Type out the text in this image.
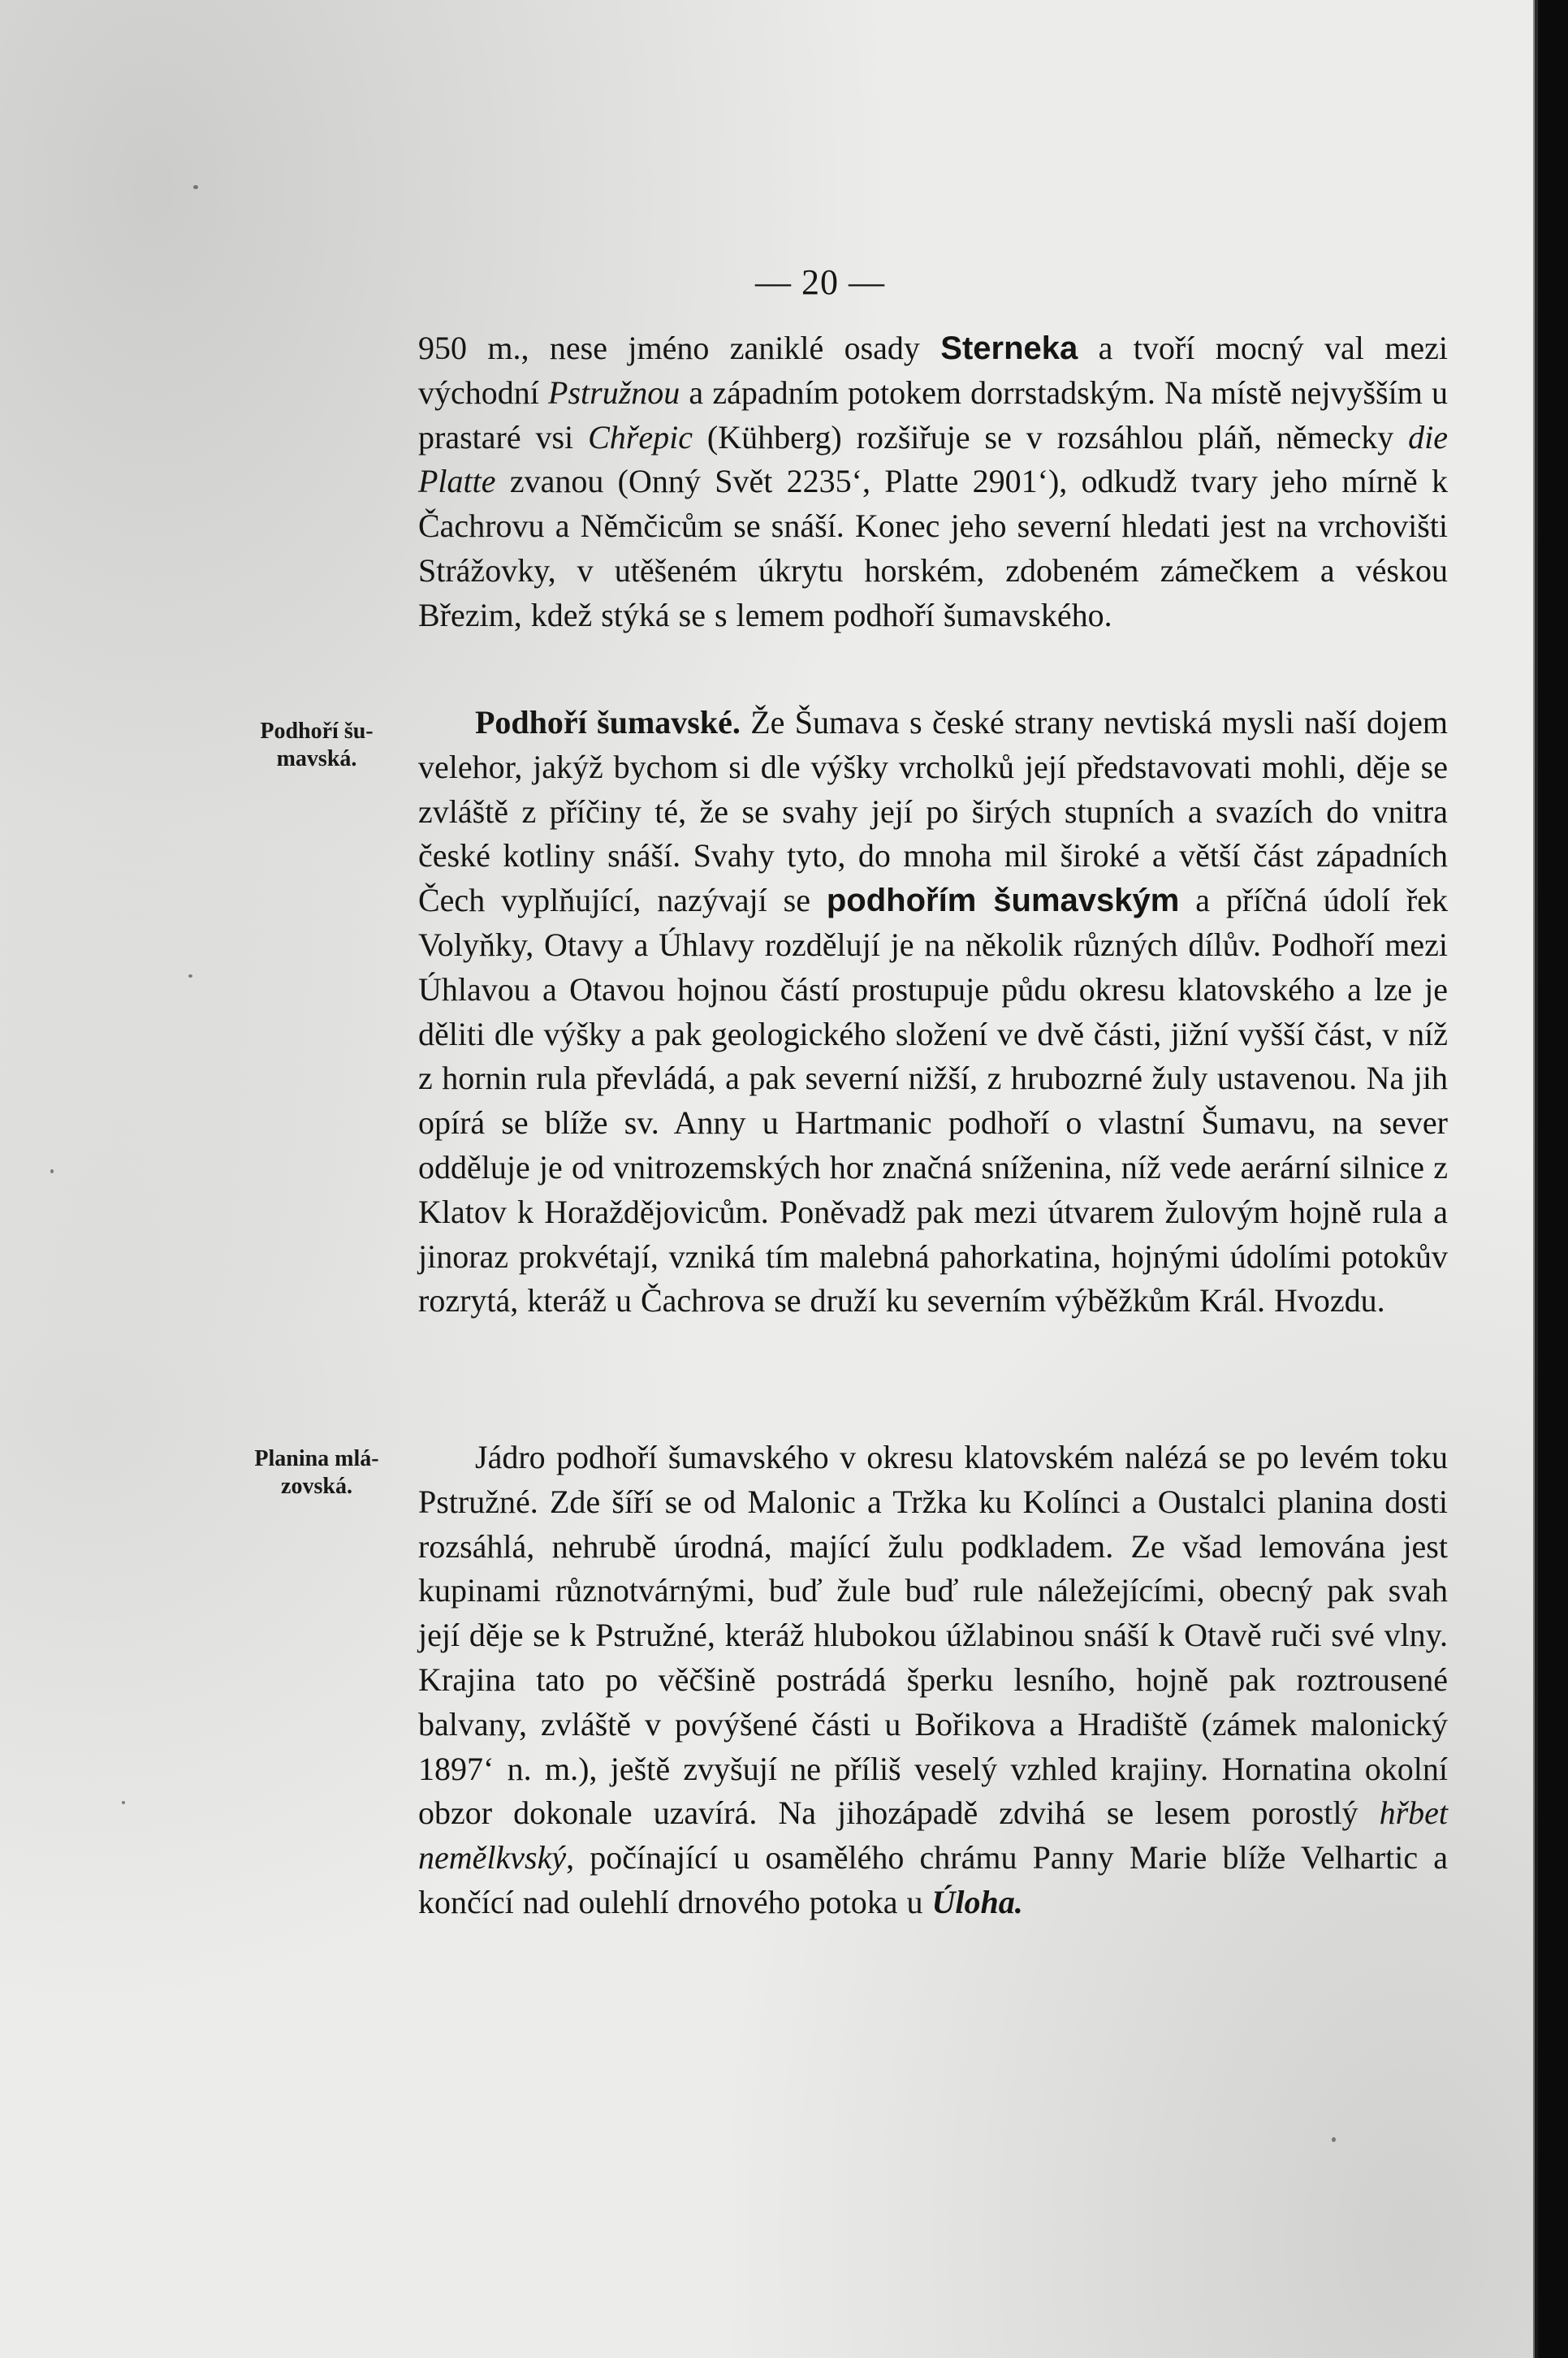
— 20 —
Podhoří šu-
mavská.
Planina mlá-
zovská.

950 m., nese jméno zaniklé osady Sterneka a tvoří mocný val mezi východní Pstružnou a západním potokem dorrstadským. Na místě nejvyšším u prastaré vsi Chřepic (Kühberg) rozšiřuje se v rozsáhlou pláň, německy die Platte zvanou (Onný Svět 2235ʻ, Platte 2901ʻ), odkudž tvary jeho mírně k Čachrovu a Němčicům se snáší. Konec jeho severní hledati jest na vrchovišti Strážovky, v utěšeném úkrytu horském, zdobeném zámečkem a véskou Březim, kdež stýká se s lemem podhoří šumavského.

Podhoří šumavské. Že Šumava s české strany nevtiská mysli naší dojem velehor, jakýž bychom si dle výšky vrcholků její představovati mohli, děje se zvláště z příčiny té, že se svahy její po širých stupních a svazích do vnitra české kotliny snáší. Svahy tyto, do mnoha mil široké a větší část západních Čech vyplňující, nazývají se podhořím šumavským a příčná údolí řek Volyňky, Otavy a Úhlavy rozdělují je na několik různých dílův. Podhoří mezi Úhlavou a Otavou hojnou částí prostupuje půdu okresu klatovského a lze je děliti dle výšky a pak geologického složení ve dvě části, jižní vyšší část, v níž z hornin rula převládá, a pak severní nižší, z hrubozrné žuly ustavenou. Na jih opírá se blíže sv. Anny u Hartmanic podhoří o vlastní Šumavu, na sever odděluje je od vnitrozemských hor značná sníženina, níž vede aerární silnice z Klatov k Horaždějovicům. Poněvadž pak mezi útvarem žulovým hojně rula a jinoraz prokvétají, vzniká tím malebná pahorkatina, hojnými údolími potokův rozrytá, kteráž u Čachrova se druží ku severním výběžkům Král. Hvozdu.

Jádro podhoří šumavského v okresu klatovském nalézá se po levém toku Pstružné. Zde šíří se od Malonic a Tržka ku Kolínci a Oustalci planina dosti rozsáhlá, nehrubě úrodná, mající žulu podkladem. Ze všad lemována jest kupinami různotvárnými, buď žule buď rule náležejícími, obecný pak svah její děje se k Pstružné, kteráž hlubokou úžlabinou snáší k Otavě ruči své vlny. Krajina tato po věčšině postrádá šperku lesního, hojně pak roztrousené balvany, zvláště v povýšené části u Bořikova a Hradiště (zámek malonický 1897ʻ n. m.), ještě zvyšují ne příliš veselý vzhled krajiny. Hornatina okolní obzor dokonale uzavírá. Na jihozápadě zdvihá se lesem porostlý hřbet nemělkvský, počínající u osamělého chrámu Panny Marie blíže Velhartic a končící nad oulehlí drnového potoka u Úloha.
